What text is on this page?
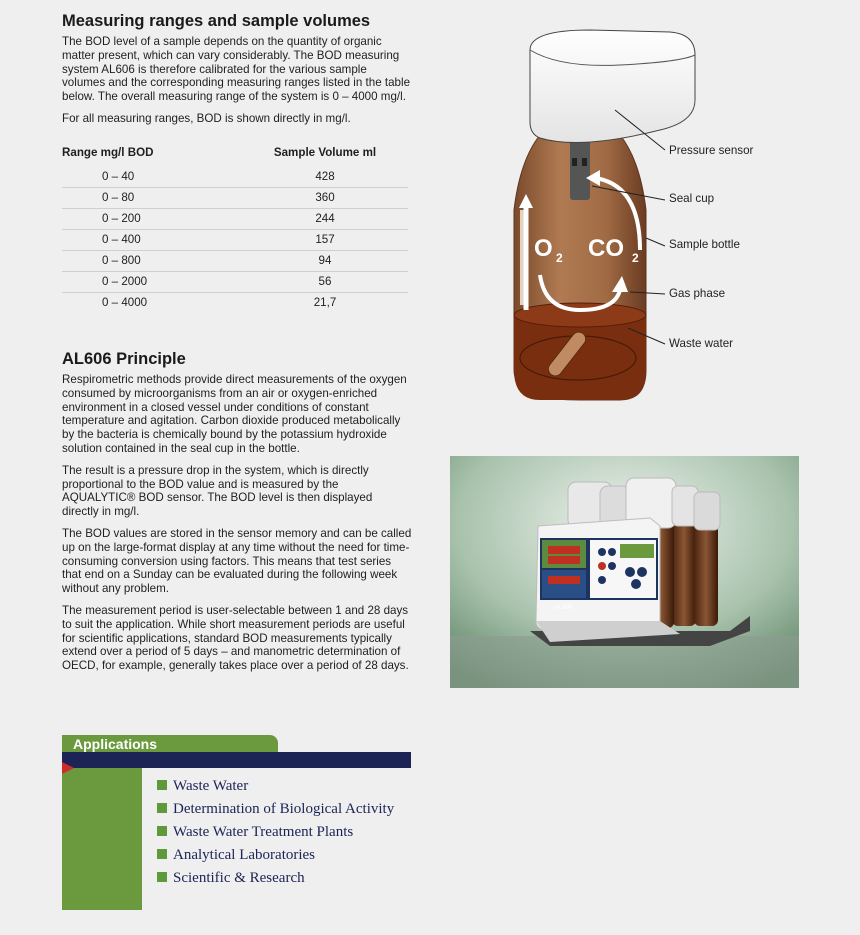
Measuring ranges and sample volumes

The BOD level of a sample depends on the quantity of organic matter present, which can vary considerably. The BOD measuring system AL606 is therefore calibrated for the various sample volumes and the corresponding measuring ranges listed in the table below. The overall measuring range of the system is 0 – 4000 mg/l.

For all measuring ranges, BOD is shown directly in mg/l.

Range mg/l BOD	Sample Volume ml
0 – 40	428
0 – 80	360
0 – 200	244
0 – 400	157
0 – 800	94
0 – 2000	56
0 – 4000	21,7
AL606 Principle

Respirometric methods provide direct measurements of the oxygen consumed by microorganisms from an air or oxygen-enriched environment in a closed vessel under conditions of constant temperature and agitation. Carbon dioxide produced metabolically by the bacteria is chemically bound by the potassium hydroxide solution contained in the seal cup in the bottle.

The result is a pressure drop in the system, which is directly proportional to the BOD value and is measured by the AQUALYTIC® BOD sensor. The BOD level is then displayed directly in mg/l.

The BOD values are stored in the sensor memory and can be called up on the large-format display at any time without the need for time-consuming conversion using factors. This means that test series that end on a Sunday can be evaluated during the following week without any problem.

The measurement period is user-selectable between 1 and 28 days to suit the application. While short measurement periods are useful for scientific applications, standard BOD measurements typically extend over a period of 5 days – and manometric determination of OECD, for example, generally takes place over a period of 28 days.

O 2 CO 2
Pressure sensor
Seal cup
Sample bottle
Gas phase
Waste water
AL606
Applications
Waste Water
Determination of Biological Activity
Waste Water Treatment Plants
Analytical Laboratories
Scientific & Research
